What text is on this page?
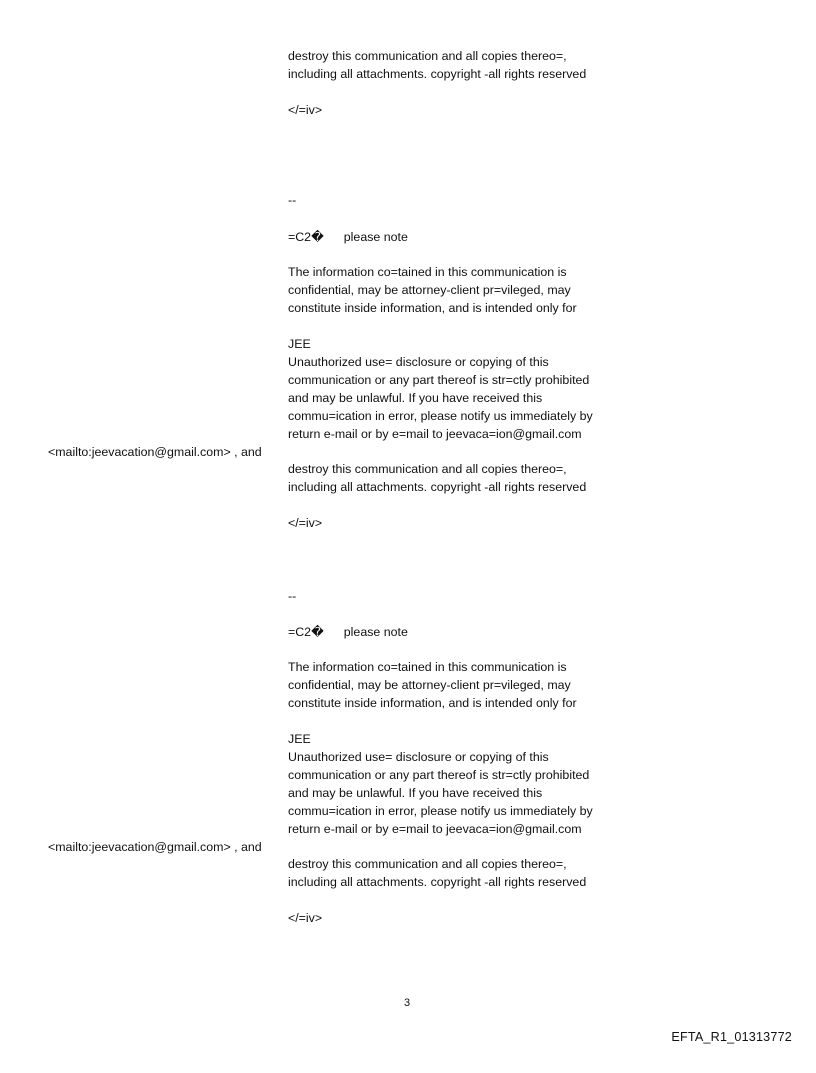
destroy this communication and all copies thereo=,
including all attachments. copyright -all rights reserved
</=iv>
--
=C2� please note
The information co=tained in this communication is
confidential, may be attorney-client pr=vileged, may
constitute inside information, and is intended only for
JEE
Unauthorized use= disclosure or copying of this
communication or any part thereof is str=ctly prohibited
and may be unlawful. If you have received this
commu=ication in error, please notify us immediately by
return e-mail or by e=mail to jeevaca=ion@gmail.com
<mailto:jeevacation@gmail.com> , and
destroy this communication and all copies thereo=,
including all attachments. copyright -all rights reserved
</=iv>
--
=C2� please note
The information co=tained in this communication is
confidential, may be attorney-client pr=vileged, may
constitute inside information, and is intended only for
JEE
Unauthorized use= disclosure or copying of this
communication or any part thereof is str=ctly prohibited
and may be unlawful. If you have received this
commu=ication in error, please notify us immediately by
return e-mail or by e=mail to jeevaca=ion@gmail.com
<mailto:jeevacation@gmail.com> , and
destroy this communication and all copies thereo=,
including all attachments. copyright -all rights reserved
</=iv>
3
EFTA_R1_01313772
